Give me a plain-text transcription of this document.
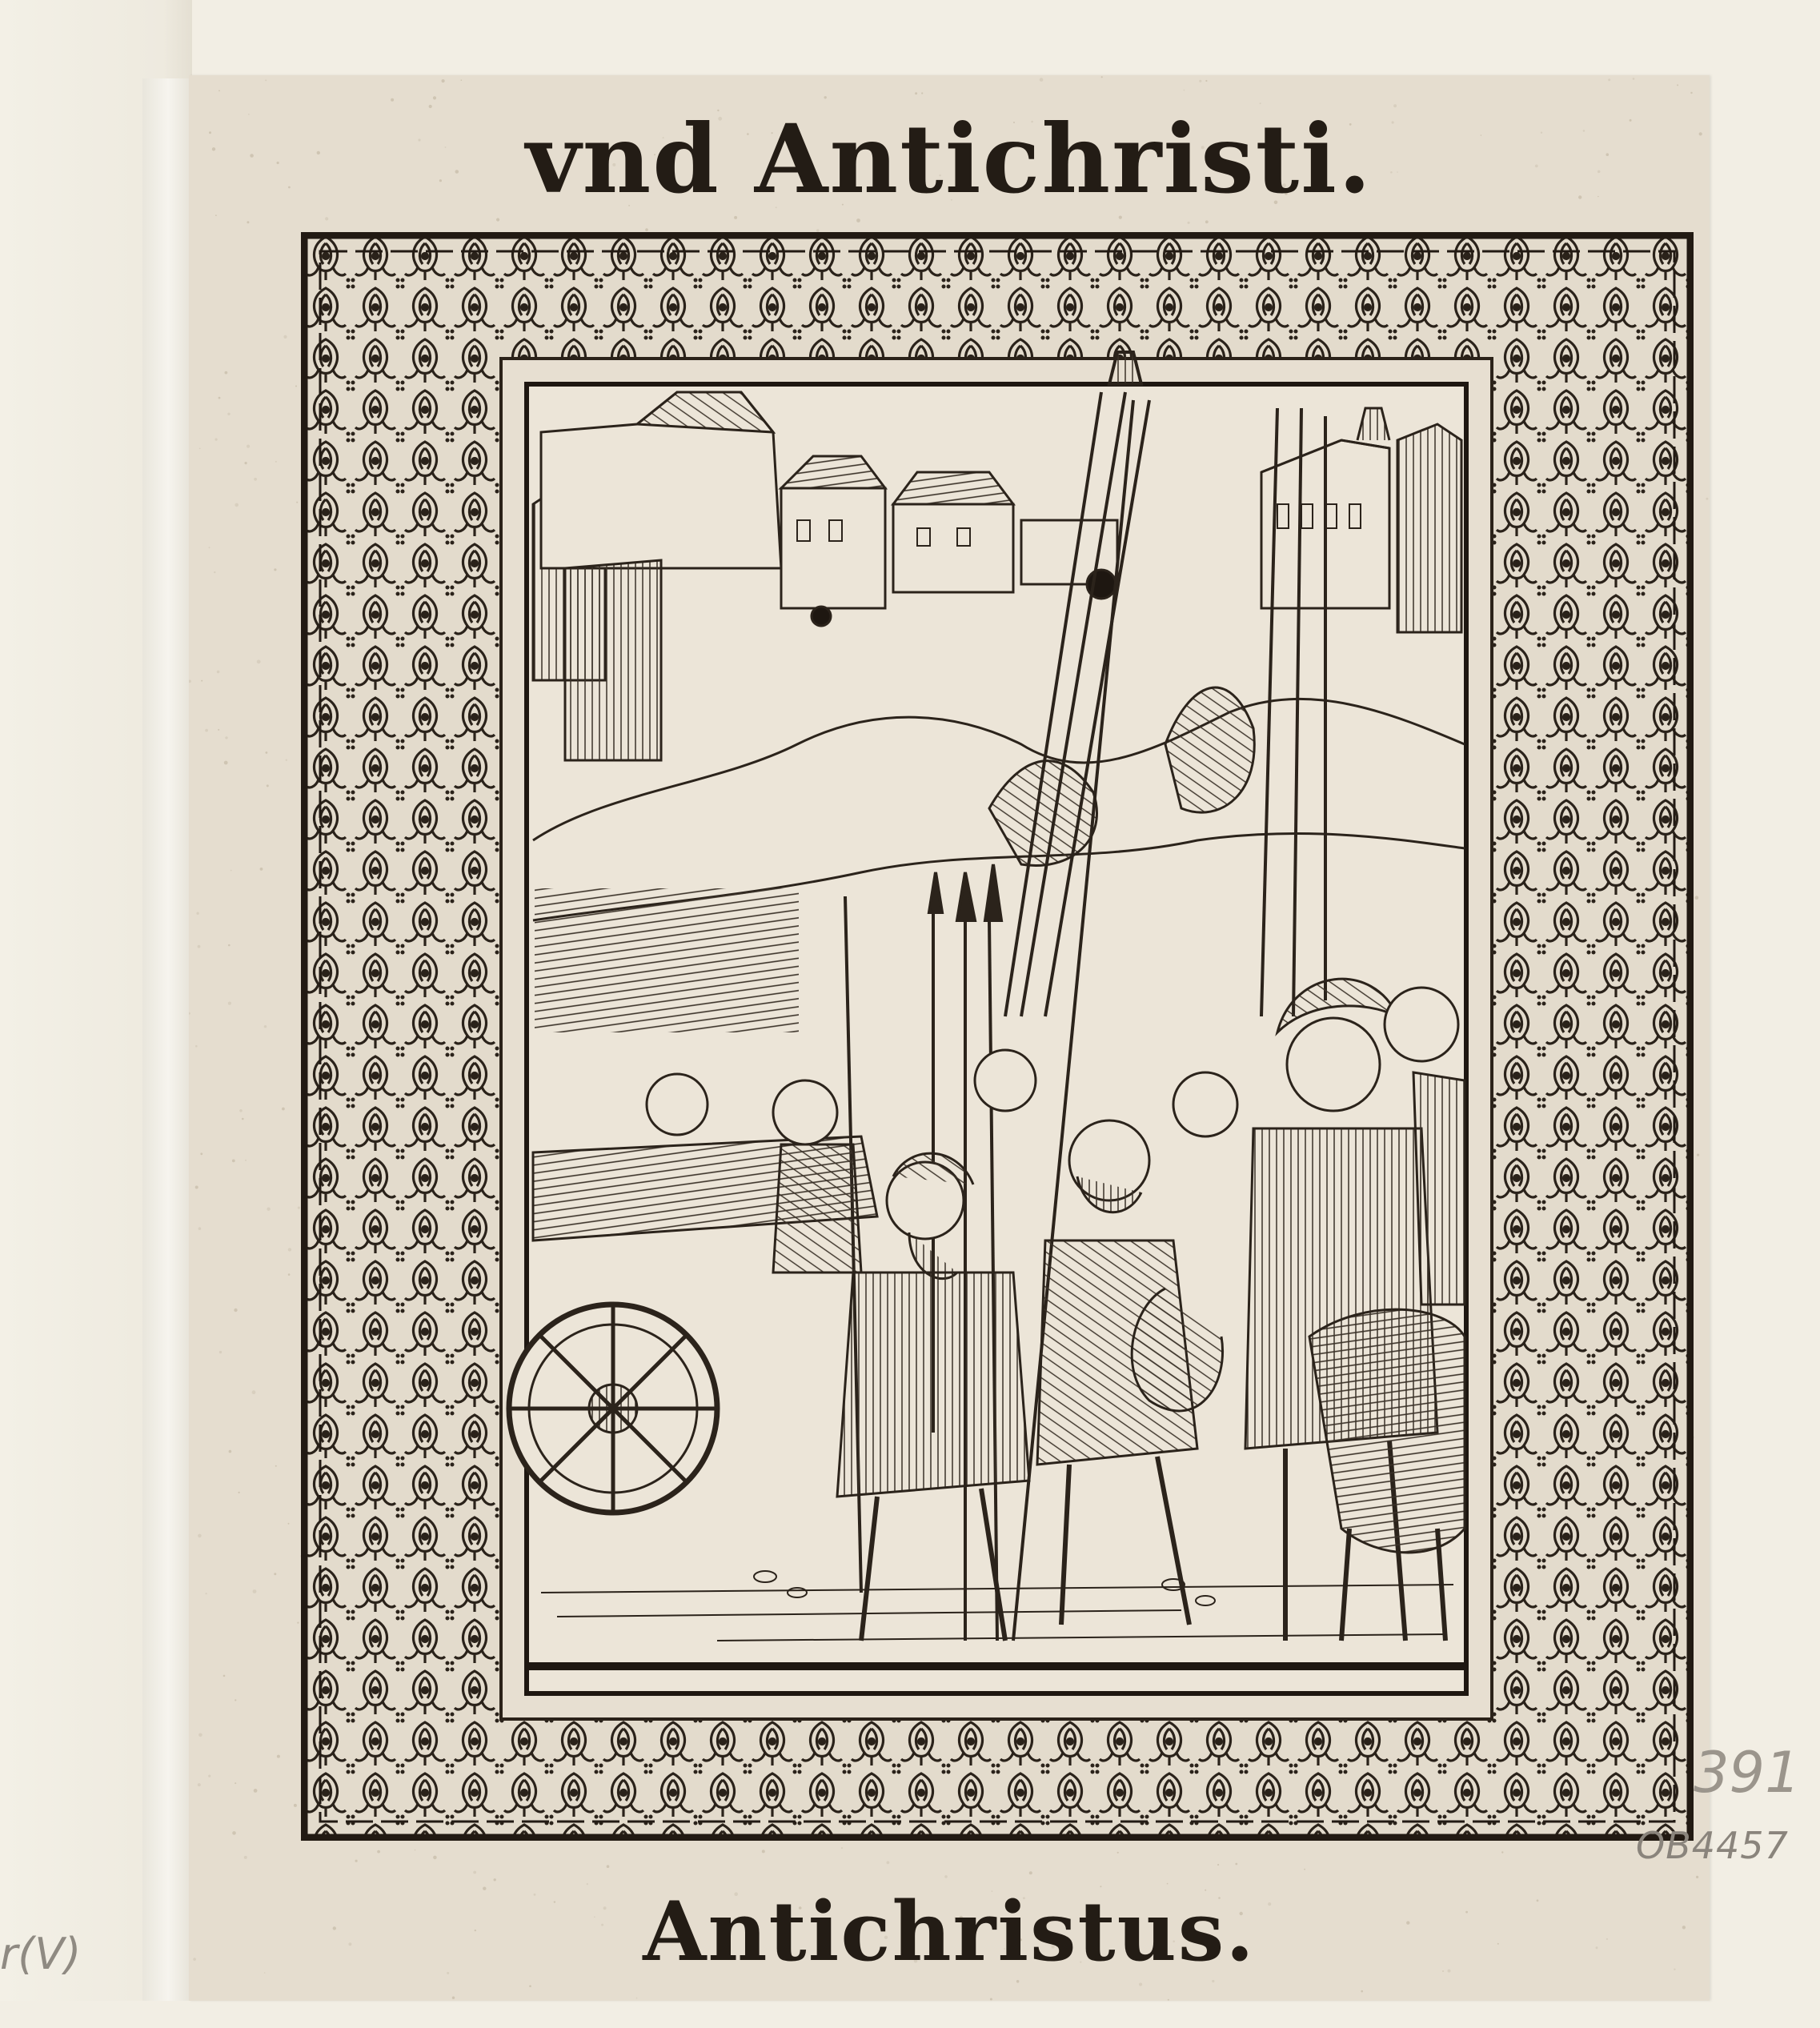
r(V)
vnd Antichristi.
Antichristus.
391
OB4457
